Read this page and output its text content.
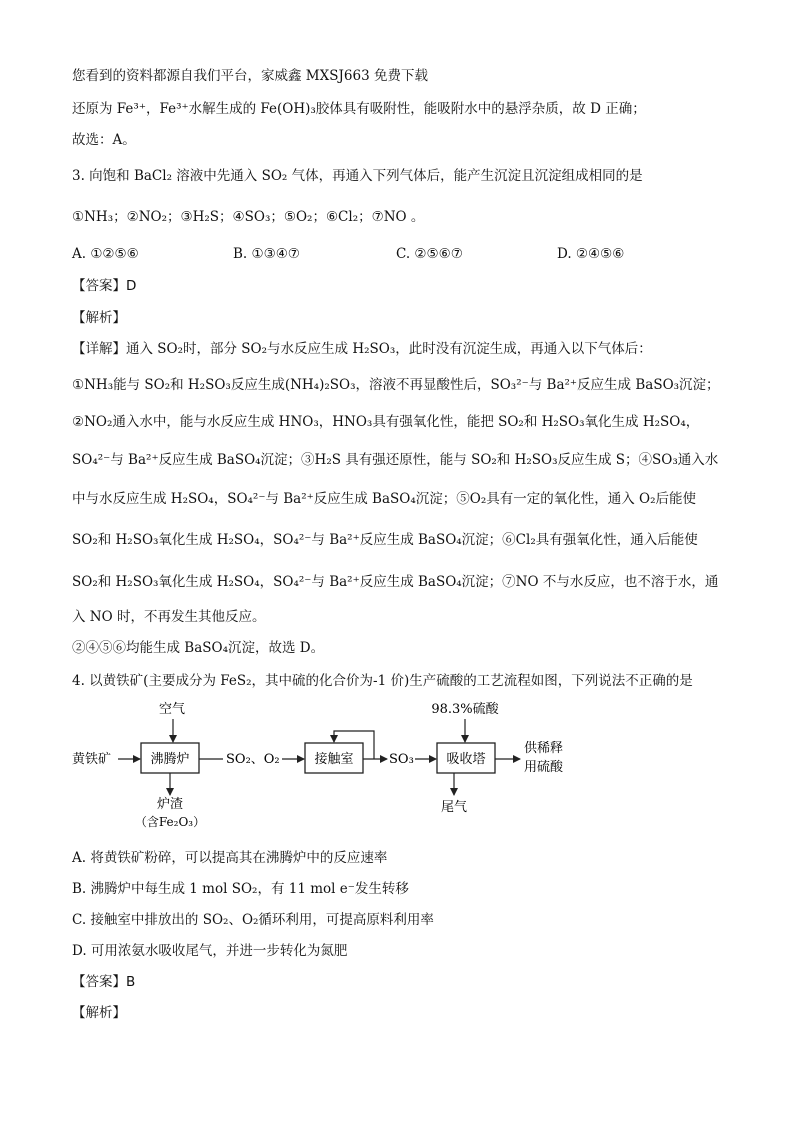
您看到的资料都源自我们平台，家威鑫 MXSJ663 免费下载
还原为 Fe³⁺，Fe³⁺水解生成的 Fe(OH)₃胶体具有吸附性，能吸附水中的悬浮杂质，故 D 正确；
故选：A。
3. 向饱和 BaCl₂ 溶液中先通入 SO₂ 气体，再通入下列气体后，能产生沉淀且沉淀组成相同的是
①NH₃；②NO₂；③H₂S；④SO₃；⑤O₂；⑥Cl₂；⑦NO 。
A. ①②⑤⑥	B. ①③④⑦	C. ②⑤⑥⑦	D. ②④⑤⑥
【答案】D
【解析】
【详解】通入 SO₂时，部分 SO₂与水反应生成 H₂SO₃，此时没有沉淀生成，再通入以下气体后：
①NH₃能与 SO₂和 H₂SO₃反应生成(NH₄)₂SO₃，溶液不再显酸性后，SO₃²⁻与 Ba²⁺反应生成 BaSO₃沉淀；
②NO₂通入水中，能与水反应生成 HNO₃，HNO₃具有强氧化性，能把 SO₂和 H₂SO₃氧化生成 H₂SO₄，
SO₄²⁻与 Ba²⁺反应生成 BaSO₄沉淀；③H₂S 具有强还原性，能与 SO₂和 H₂SO₃反应生成 S；④SO₃通入水
中与水反应生成 H₂SO₄，SO₄²⁻与 Ba²⁺反应生成 BaSO₄沉淀；⑤O₂具有一定的氧化性，通入 O₂后能使
SO₂和 H₂SO₃氧化生成 H₂SO₄，SO₄²⁻与 Ba²⁺反应生成 BaSO₄沉淀；⑥Cl₂具有强氧化性，通入后能使
SO₂和 H₂SO₃氧化生成 H₂SO₄，SO₄²⁻与 Ba²⁺反应生成 BaSO₄沉淀；⑦NO 不与水反应，也不溶于水，通
入 NO 时，不再发生其他反应。
②④⑤⑥均能生成 BaSO₄沉淀，故选 D。
4. 以黄铁矿(主要成分为 FeS₂，其中硫的化合价为-1 价)生产硫酸的工艺流程如图，下列说法不正确的是
空气
黄铁矿	沸腾炉
炉渣
（含Fe₂O₃）
SO₂、O₂	接触室	SO₃
98.3%硫酸
吸收塔
供稀释
用硫酸
尾气
A. 将黄铁矿粉碎，可以提高其在沸腾炉中的反应速率
B. 沸腾炉中每生成 1 mol SO₂，有 11 mol e⁻发生转移
C. 接触室中排放出的 SO₂、O₂循环利用，可提高原料利用率
D. 可用浓氨水吸收尾气，并进一步转化为氮肥
【答案】B
【解析】
